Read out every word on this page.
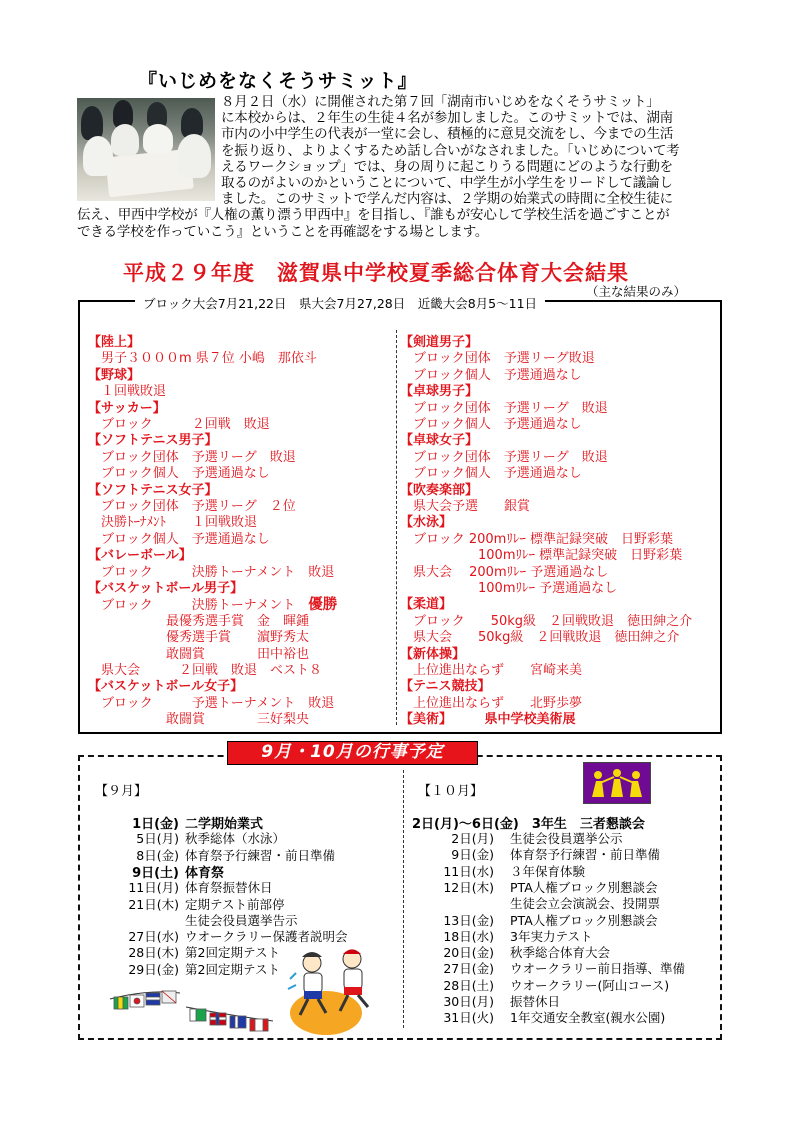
『いじめをなくそうサミット』
８月２日（水）に開催された第７回「湖南市いじめをなくそうサミット」
に本校からは、２年生の生徒４名が参加しました。このサミットでは、湖南
市内の小中学生の代表が一堂に会し、積極的に意見交流をし、今までの生活
を振り返り、よりよくするため話し合いがなされました。「いじめについて考
えるワークショップ」では、身の周りに起こりうる問題にどのような行動を
取るのがよいのかということについて、中学生が小学生をリードして議論し
ました。このサミットで学んだ内容は、２学期の始業式の時間に全校生徒に
伝え、甲西中学校が『人権の薫り漂う甲西中』を目指し、『誰もが安心して学校生活を過ごすことが
できる学校を作っていこう』ということを再確認をする場とします。
平成２９年度　滋賀県中学校夏季総合体育大会結果
（主な結果のみ）
ブロック大会7月21,22日　県大会7月27,28日　近畿大会8月5～11日
【陸上】
　男子３０００m 県７位 小嶋　那依斗
【野球】
　１回戦敗退
【サッカー】
　ブロック　　　２回戦　敗退
【ソフトテニス男子】
　ブロック団体　予選リーグ　敗退
　ブロック個人　予選通過なし
【ソフトテニス女子】
　ブロック団体　予選リーグ　２位
　決勝ﾄｰﾅﾒﾝﾄ　　１回戦敗退
　ブロック個人　予選通過なし
【バレーボール】
　ブロック　　　決勝トーナメント　敗退
【バスケットボール男子】
　ブロック　　　決勝トーナメント　優勝
　　　　　　最優秀選手賞　金　暉鍾
　　　　　　優秀選手賞　　濵野秀太
　　　　　　敢闘賞　　　　田中裕也
　県大会　　　２回戦　敗退　ベスト８
【バスケットボール女子】
　ブロック　　　予選トーナメント　敗退
　　　　　　敢闘賞　　　　三好梨央
【剣道男子】
　ブロック団体　予選リーグ敗退
　ブロック個人　予選通過なし
【卓球男子】
　ブロック団体　予選リーグ　敗退
　ブロック個人　予選通過なし
【卓球女子】
　ブロック団体　予選リーグ　敗退
　ブロック個人　予選通過なし
【吹奏楽部】
　県大会予選　　銀賞
【水泳】
　ブロック 200mﾘﾚｰ 標準記録突破　日野彩葉
　　　　　　100mﾘﾚｰ 標準記録突破　日野彩葉
　県大会　 200mﾘﾚｰ 予選通過なし
　　　　　　100mﾘﾚｰ 予選通過なし
【柔道】
　ブロック　　50kg級　２回戦敗退　徳田紳之介
　県大会　　50kg級　２回戦敗退　徳田紳之介
【新体操】
　上位進出ならず　　宮崎来美
【テニス競技】
　上位進出ならず　　北野歩夢
【美術】　　　県中学校美術展
9月・10月の行事予定
【９月】
1日(金) 二学期始業式
5日(月) 秋季総体（水泳）
8日(金) 体育祭予行練習・前日準備
9日(土) 体育祭
11日(月) 体育祭振替休日
21日(木) 定期テスト前部停
生徒会役員選挙告示
27日(水) ウオークラリー保護者説明会
28日(木) 第2回定期テスト
29日(金) 第2回定期テスト
【１０月】
2日(月)～6日(金)　3年生　三者懇談会
2日(月) 生徒会役員選挙公示
9日(金) 体育祭予行練習・前日準備
11日(水) ３年保育体験
12日(木) PTA人権ブロック別懇談会
生徒会立会演説会、投開票
13日(金) PTA人権ブロック別懇談会
18日(水) 3年実力テスト
20日(金) 秋季総合体育大会
27日(金) ウオークラリー前日指導、準備
28日(土) ウオークラリー(阿山コース)
30日(月) 振替休日
31日(火) 1年交通安全教室(親水公園)
